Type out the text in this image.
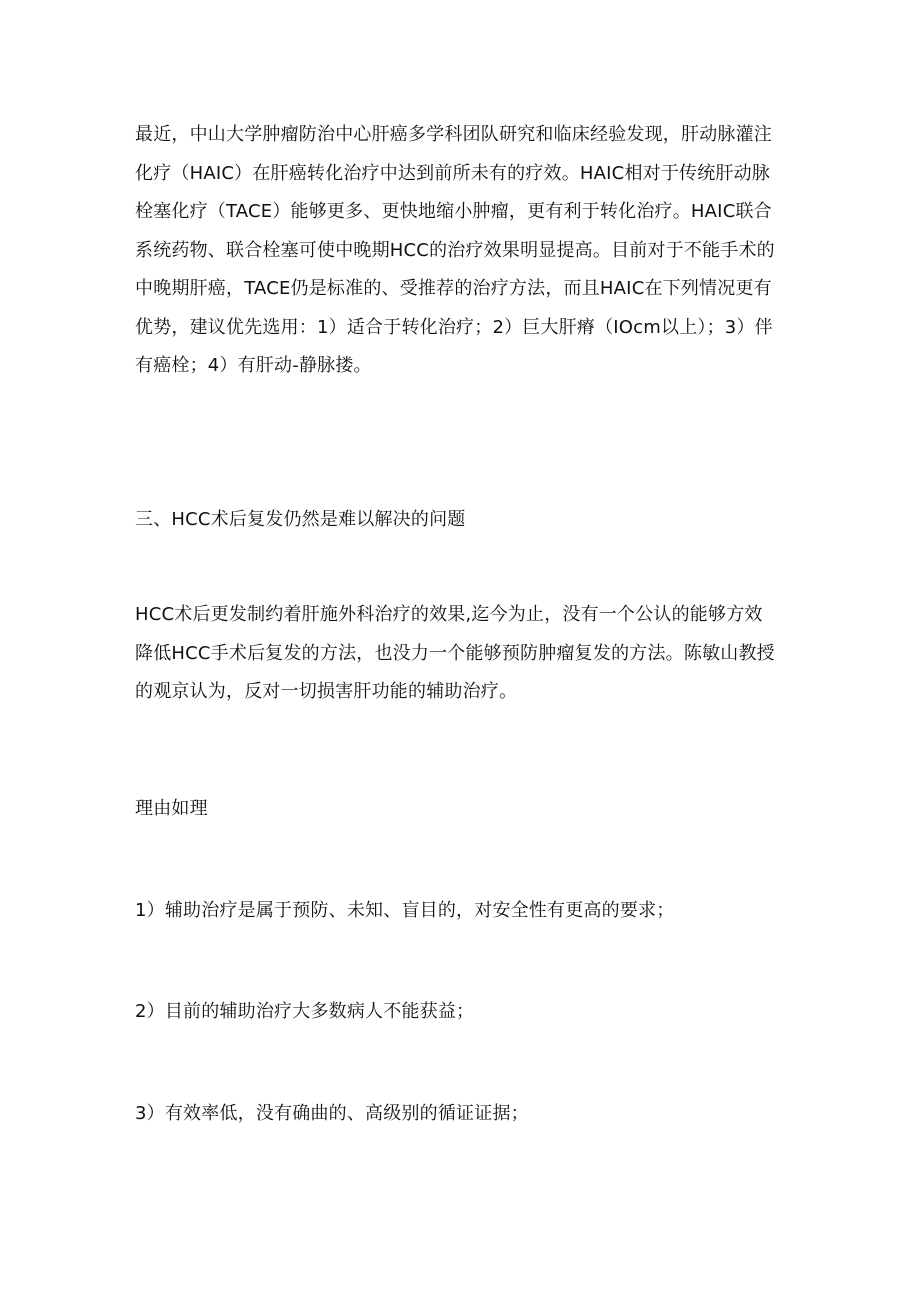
最近，中山大学肿瘤防治中心肝癌多学科团队研究和临床经验发现，肝动脉灌注
化疗（HAIC）在肝癌转化治疗中达到前所未有的疗效。HAIC相对于传统肝动脉
栓塞化疗（TACE）能够更多、更快地缩小肿瘤，更有利于转化治疗。HAIC联合
系统药物、联合栓塞可使中晚期HCC的治疗效果明显提高。目前对于不能手术的
中晚期肝癌，TACE仍是标准的、受推荐的治疗方法，而且HAIC在下列情况更有
优势，建议优先选用：1）适合于转化治疗；2）巨大肝瘠（IOcm以上）；3）伴
有癌栓；4）有肝动-静脉搂。
三、HCC术后复发仍然是难以解决的问题
HCC术后更发制约着肝施外科治疗的效果,迄今为止，没有一个公认的能够方效
降低HCC手术后复发的方法，也没力一个能够预防肿瘤复发的方法。陈敏山教授
的观京认为，反对一切损害肝功能的辅助治疗。
理由如理
1）辅助治疗是属于预防、未知、盲目的，对安全性有更高的要求；
2）目前的辅助治疗大多数病人不能获益；
3）有效率低，没有确曲的、高级别的循证证据；
